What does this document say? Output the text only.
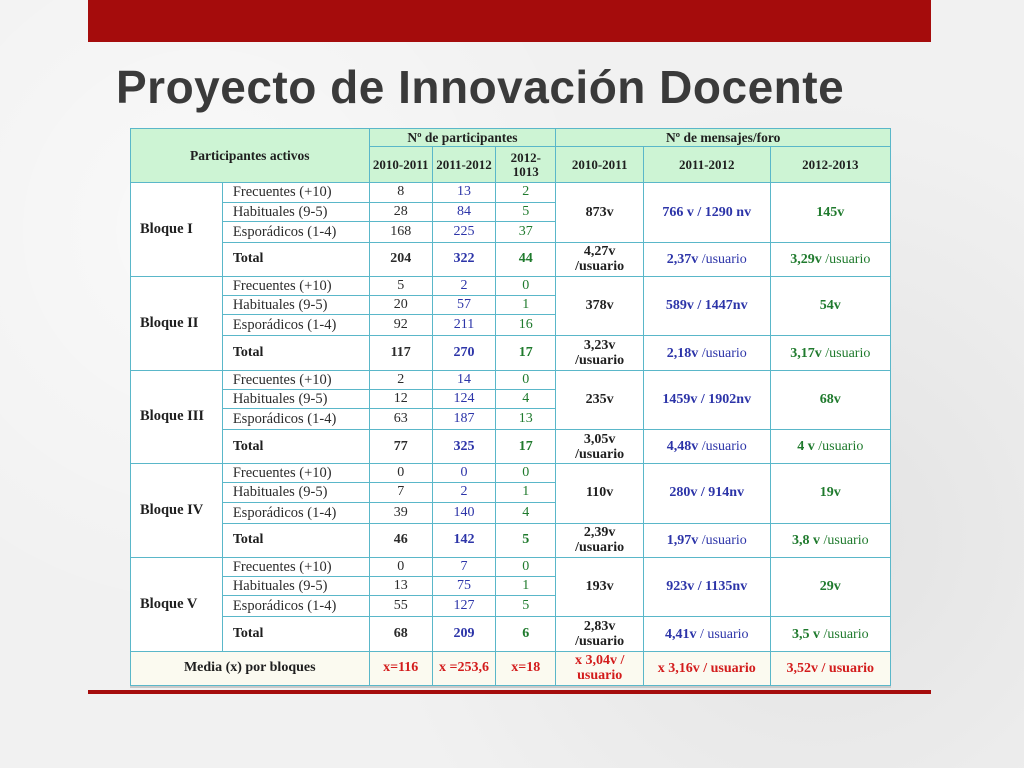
Proyecto de Innovación Docente
Participantes activos		Nº de participantes			Nº de mensajes/foro		
		2010-2011	2011-2012	2012-1013	2010-2011	2011-2012	2012-2013
Bloque I	Frecuentes (+10)	8	13	2	873v	766 v / 1290 nv	145v
	Habituales (9-5)	28	84	5			
	Esporádicos (1-4)	168	225	37			
	Total	204	322	44	4,27v /usuario	2,37v /usuario	3,29v /usuario
Bloque II	Frecuentes (+10)	5	2	0	378v	589v / 1447nv	54v
	Habituales (9-5)	20	57	1			
	Esporádicos (1-4)	92	211	16			
	Total	117	270	17	3,23v /usuario	2,18v /usuario	3,17v /usuario
Bloque III	Frecuentes (+10)	2	14	0	235v	1459v / 1902nv	68v
	Habituales (9-5)	12	124	4			
	Esporádicos (1-4)	63	187	13			
	Total	77	325	17	3,05v /usuario	4,48v /usuario	4 v /usuario
Bloque IV	Frecuentes (+10)	0	0	0	110v	280v / 914nv	19v
	Habituales (9-5)	7	2	1			
	Esporádicos (1-4)	39	140	4			
	Total	46	142	5	2,39v /usuario	1,97v /usuario	3,8 v /usuario
Bloque V	Frecuentes (+10)	0	7	0	193v	923v / 1135nv	29v
	Habituales (9-5)	13	75	1			
	Esporádicos (1-4)	55	127	5			
	Total	68	209	6	2,83v /usuario	4,41v / usuario	3,5 v /usuario
Media (x) por bloques		x=116	x =253,6	x=18	x 3,04v / usuario	x 3,16v / usuario	3,52v / usuario
